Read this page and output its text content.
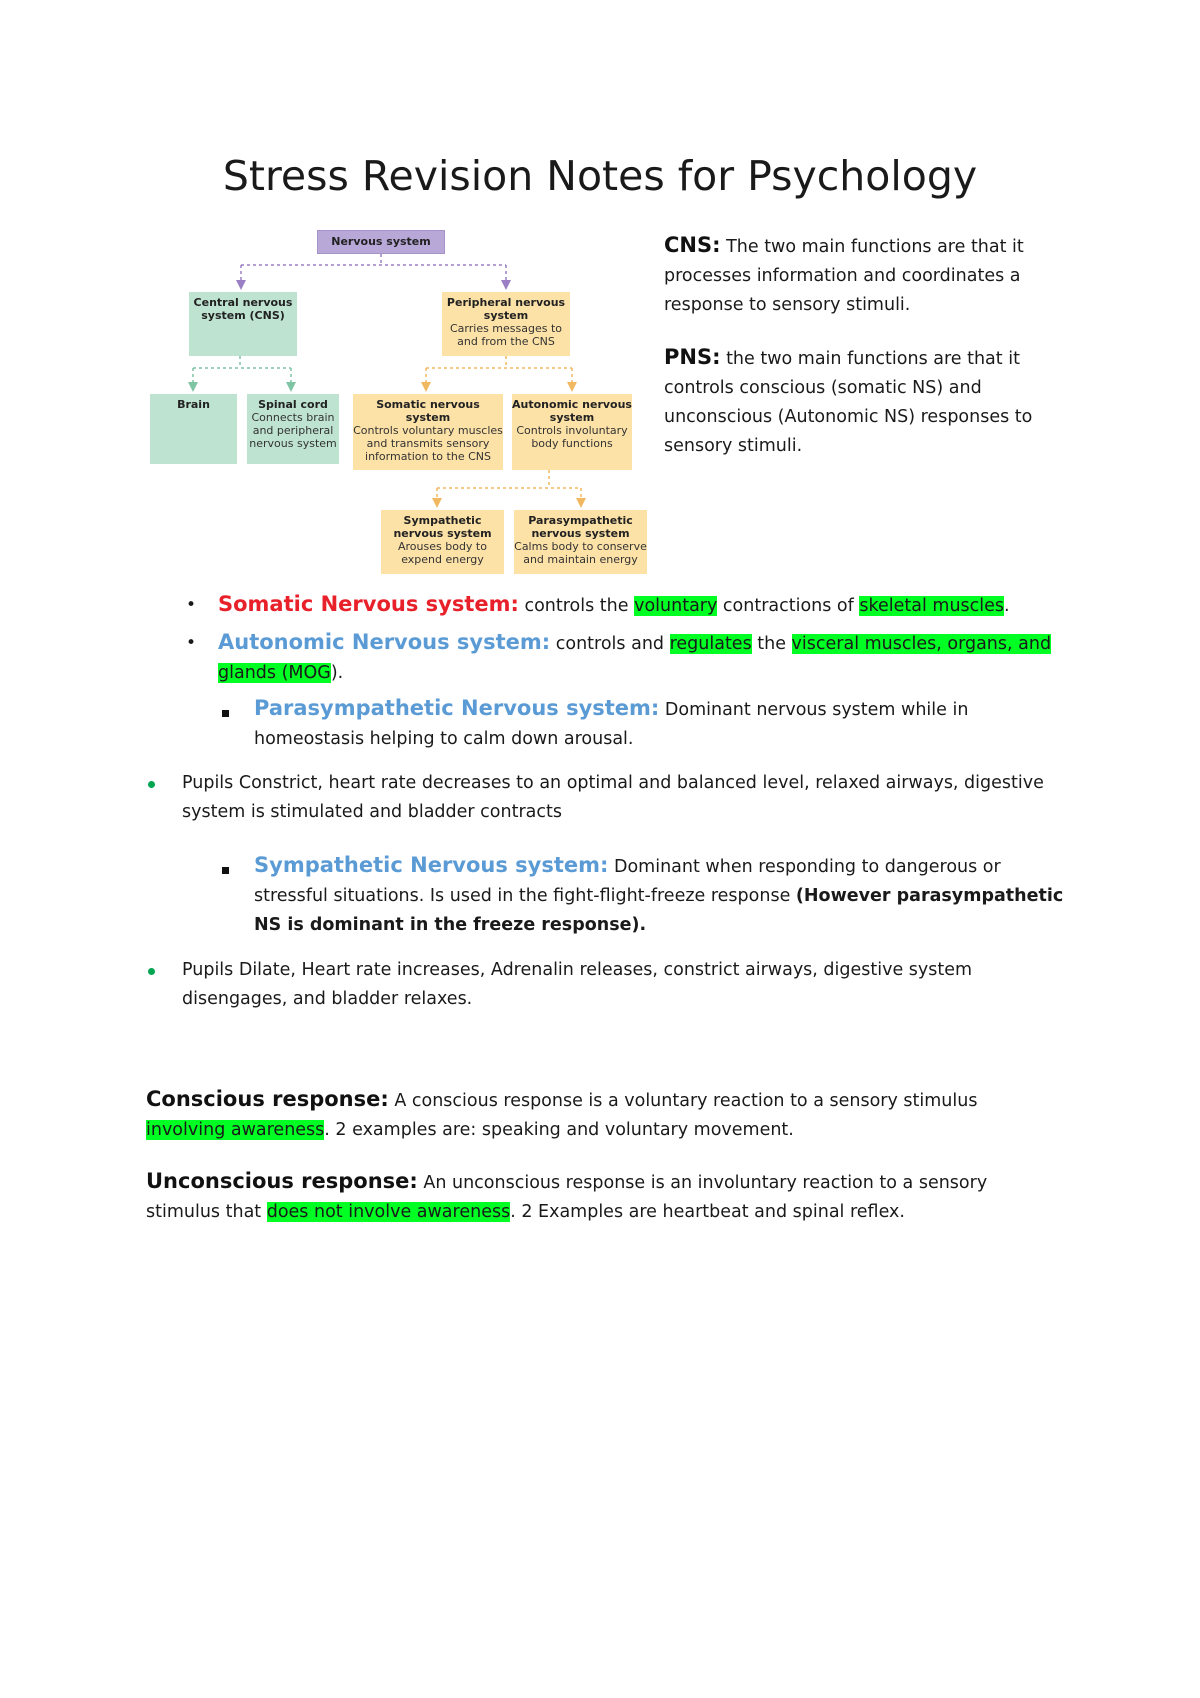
Stress Revision Notes for Psychology
Nervous system
Central nervous system (CNS)
Peripheral nervous system
Carries messages to and from the CNS
Brain	Spinal cord
Connects brain and peripheral nervous system
Somatic nervous system
Controls voluntary muscles and transmits sensory information to the CNS
Autonomic nervous system
Controls involuntary body functions
Sympathetic nervous system
Arouses body to expend energy
Parasympathetic nervous system
Calms body to conserve and maintain energy
CNS: The two main functions are that it processes information and coordinates a response to sensory stimuli.
PNS: the two main functions are that it controls conscious (somatic NS) and unconscious (Autonomic NS) responses to sensory stimuli.
• Somatic Nervous system: controls the voluntary contractions of skeletal muscles.
• Autonomic Nervous system: controls and regulates the visceral muscles, organs, and
glands (MOG).
Parasympathetic Nervous system: Dominant nervous system while in
homeostasis helping to calm down arousal.
Pupils Constrict, heart rate decreases to an optimal and balanced level, relaxed airways, digestive
system is stimulated and bladder contracts
Sympathetic Nervous system: Dominant when responding to dangerous or
stressful situations. Is used in the fight-flight-freeze response (However parasympathetic
NS is dominant in the freeze response).
Pupils Dilate, Heart rate increases, Adrenalin releases, constrict airways, digestive system
disengages, and bladder relaxes.
Conscious response: A conscious response is a voluntary reaction to a sensory stimulus
involving awareness. 2 examples are: speaking and voluntary movement.
Unconscious response: An unconscious response is an involuntary reaction to a sensory
stimulus that does not involve awareness. 2 Examples are heartbeat and spinal reflex.
